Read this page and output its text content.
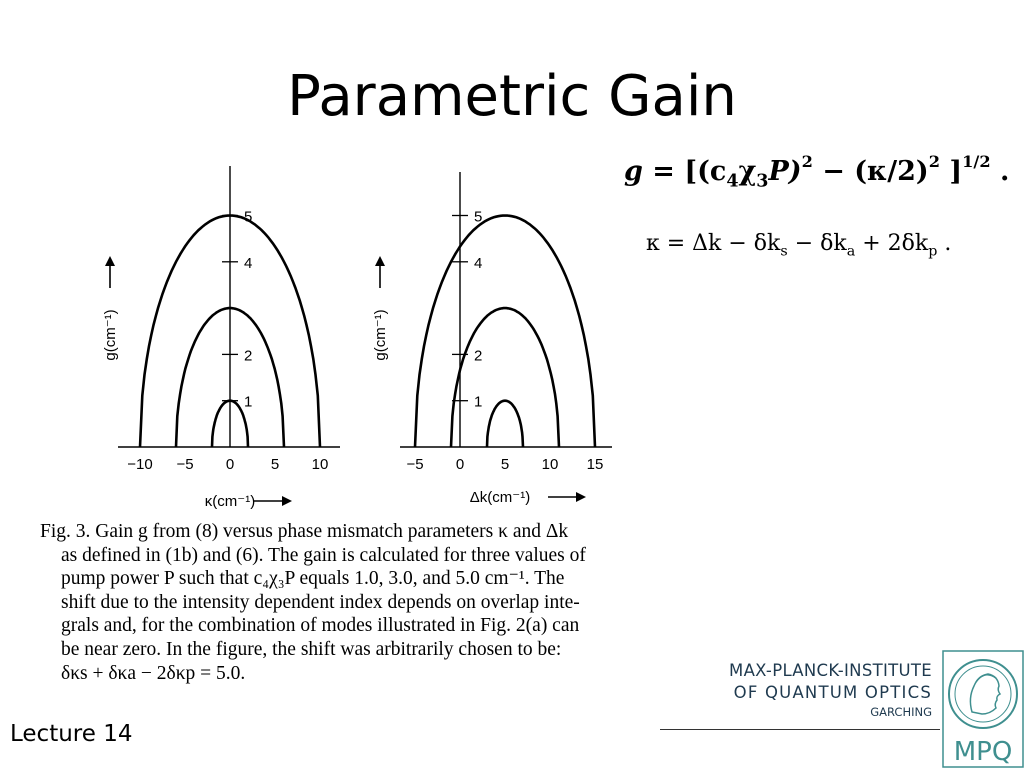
Parametric Gain
1
2
4
5
−10 −5 0 5 10
κ(cm⁻¹)
g(cm⁻¹)
1
2
4
5
−5 0 5 10 15
Δk(cm⁻¹)
g(cm⁻¹)
$g = [(c_4\chi_3P)^2 - (\kappa/2)^2$ ]$^{1/2}$ .
$\kappa = \Delta k - \delta k_s - \delta k_a + 2\delta k_p$ .
Fig. 3. Gain g from (8) versus phase mismatch parameters κ and Δk
as defined in (1b) and (6). The gain is calculated for three values of
pump power P such that c₄χ₃P equals 1.0, 3.0, and 5.0 cm⁻¹. The
shift due to the intensity dependent index depends on overlap inte-
grals and, for the combination of modes illustrated in Fig. 2(a) can
be near zero. In the figure, the shift was arbitrarily chosen to be:
δκs + δκa − 2δκp = 5.0.
Lecture 14
MAX-PLANCK-INSTITUTE
OF QUANTUM OPTICS
GARCHING
MPQ
